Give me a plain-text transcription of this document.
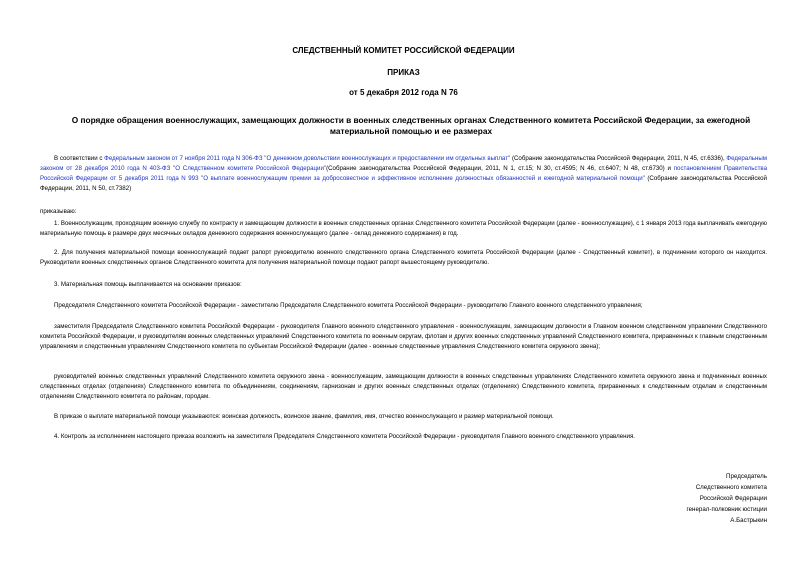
СЛЕДСТВЕННЫЙ КОМИТЕТ РОССИЙСКОЙ ФЕДЕРАЦИИ
ПРИКАЗ
от 5 декабря 2012 года N 76
О порядке обращения военнослужащих, замещающих должности в военных следственных органах Следственного комитета Российской Федерации, за ежегодной материальной помощью и ее размерах

В соответствии с Федеральным законом от 7 ноября 2011 года N 306-ФЗ "О денежном довольствии военнослужащих и предоставлении им отдельных выплат" (Собрание законодательства Российской Федерации, 2011, N 45, ст.6336), Федеральным законом от 28 декабря 2010 года N 403-ФЗ "О Следственном комитете Российской Федерации"(Собрание законодательства Российской Федерации, 2011, N 1, ст.15; N 30, ст.4595; N 46, ст.6407; N 48, ст.6730) и постановлением Правительства Российской Федерации от 5 декабря 2011 года N 993 "О выплате военнослужащим премии за добросовестное и эффективное исполнение должностных обязанностей и ежегодной материальной помощи" (Собрание законодательства Российской Федерации, 2011, N 50, ст.7382)

приказываю:

1. Военнослужащим, проходящим военную службу по контракту и замещающим должности в военных следственных органах Следственного комитета Российской Федерации (далее - военнослужащие), с 1 января 2013 года выплачивать ежегодную материальную помощь в размере двух месячных окладов денежного содержания военнослужащего (далее - оклад денежного содержания) в год.

2. Для получения материальной помощи военнослужащий подает рапорт руководителю военного следственного органа Следственного комитета Российской Федерации (далее - Следственный комитет), в подчинении которого он находится. Руководители военных следственных органов Следственного комитета для получения материальной помощи подают рапорт вышестоящему руководителю.

3. Материальная помощь выплачивается на основании приказов:

Председателя Следственного комитета Российской Федерации - заместителю Председателя Следственного комитета Российской Федерации - руководителю Главного военного следственного управления;

заместителя Председателя Следственного комитета Российской Федерации - руководителя Главного военного следственного управления - военнослужащим, замещающим должности в Главном военном следственном управлении Следственного комитета Российской Федерации, и руководителям военных следственных управлений Следственного комитета по военным округам, флотам и других военных следственных управлений Следственного комитета, приравненных к главным следственным управлениям и следственным управлениям Следственного комитета по субъектам Российской Федерации (далее - военные следственные управления Следственного комитета окружного звена);

руководителей военных следственных управлений Следственного комитета окружного звена - военнослужащим, замещающим должности в военных следственных управлениях Следственного комитета окружного звена и подчиненных военных следственных отделах (отделениях) Следственного комитета по объединениям, соединениям, гарнизонам и других военных следственных отделах (отделениях) Следственного комитета, приравненных к следственным отделам и следственным отделениям Следственного комитета по районам, городам.

В приказе о выплате материальной помощи указываются: воинская должность, воинское звание, фамилия, имя, отчество военнослужащего и размер материальной помощи.

4. Контроль за исполнением настоящего приказа возложить на заместителя Председателя Следственного комитета Российской Федерации - руководителя Главного военного следственного управления.

Председатель
Следственного комитета
Российской Федерации
генерал-полковник юстиции
А.Бастрыкин
